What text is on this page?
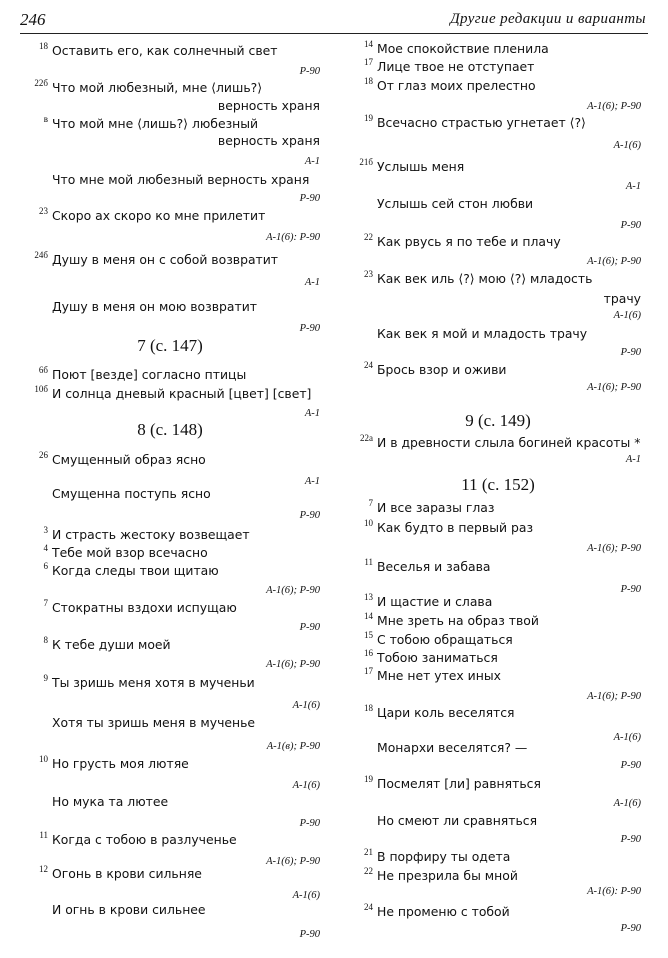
246	Другие редакции и варианты
18 Оставить его, как солнечный свет
Р-90
22б Что мой любезный, мне ⟨лишь?⟩
верность храня
в Что мой мне ⟨лишь?⟩ любезный
верность храня
А-1
Что мне мой любезный верность храня
Р-90
23 Скоро ах скоро ко мне прилетит
А-1(6): Р-90
24б Душу в меня он с собой возвратит
А-1
Душу в меня он мою возвратит
Р-90
7 (с. 147)
6б Поют [везде] согласно птицы
10б И солнца дневый красный [цвет] [свет]
А-1
8 (с. 148)
26 Смущенный образ ясно
А-1
Смущенна поступь ясно
Р-90
3 И страсть жестоку возвещает
4 Тебе мой взор всечасно
6 Когда следы твои щитаю
А-1(6); Р-90
7 Стократны вздохи испущаю
Р-90
8 К тебе души моей
А-1(6); Р-90
9 Ты зришь меня хотя в мученьи
А-1(6)
Хотя ты зришь меня в мученье
А-1(в); Р-90
10 Но грусть моя лютяе
А-1(6)
Но мука та лютее
Р-90
11 Когда с тобою в разлученье
А-1(6); Р-90
12 Огонь в крови сильняе
А-1(6)
И огнь в крови сильнее
Р-90
14 Мое спокойствие пленила
17 Лице твое не отступает
18 От глаз моих прелестно
А-1(6); Р-90
19 Всечасно страстью угнетает ⟨?⟩
А-1(6)
21б Услышь меня
А-1
Услышь сей стон любви
Р-90
22 Как рвусь я по тебе и плачу
А-1(6); Р-90
23 Как век иль ⟨?⟩ мою ⟨?⟩ младость
трачу
А-1(6)
Как век я мой и младость трачу
Р-90
24 Брось взор и оживи
А-1(6); Р-90
9 (с. 149)
22а И в древности слыла богиней красоты *
А-1
11 (с. 152)
7 И все заразы глаз
10 Как будто в первый раз
А-1(6); Р-90
11 Веселья и забава
Р-90
13 И щастие и слава
14 Мне зреть на образ твой
15 С тобою обращаться
16 Тобою заниматься
17 Мне нет утех иных
А-1(6); Р-90
18 Цари коль веселятся
А-1(6)
Монархи веселятся? —
Р-90
19 Посмелят [ли] равняться
А-1(6)
Но смеют ли сравняться
Р-90
21 В порфиру ты одета
22 Не презрила бы мной
А-1(6): Р-90
24 Не променю с тобой
Р-90
